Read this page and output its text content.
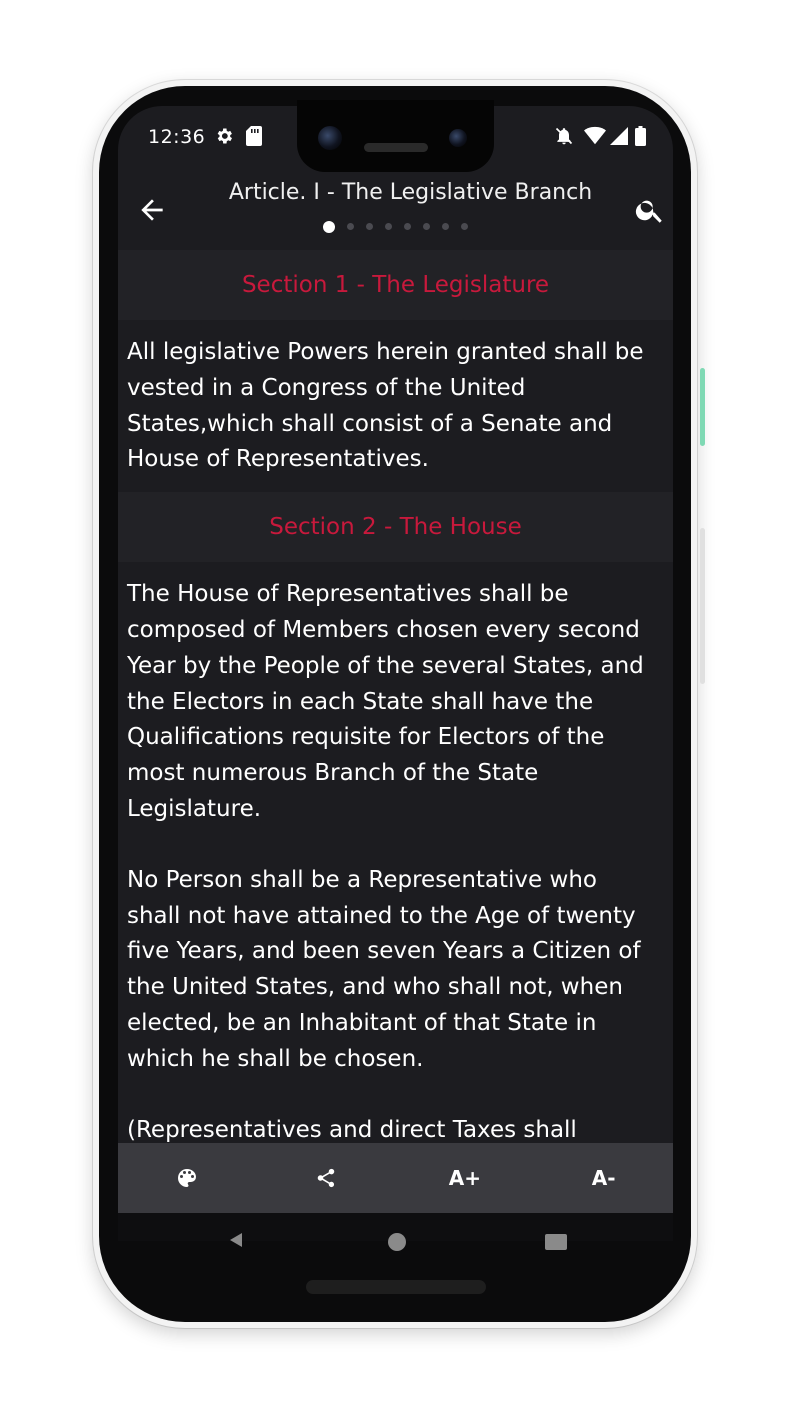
12:36
Article. I - The Legislative Branch
Section 1 - The Legislature

All legislative Powers herein granted shall be vested in a Congress of the United States,which shall consist of a Senate and House of Representatives.

Section 2 - The House

The House of Representatives shall be composed of Members chosen every second Year by the People of the several States, and the Electors in each State shall have the Qualifications requisite for Electors of the most numerous Branch of the State Legislature.

No Person shall be a Representative who shall not have attained to the Age of twenty five Years, and been seven Years a Citizen of the United States, and who shall not, when elected, be an Inhabitant of that State in which he shall be chosen.

(Representatives and direct Taxes shall

A+	A-
